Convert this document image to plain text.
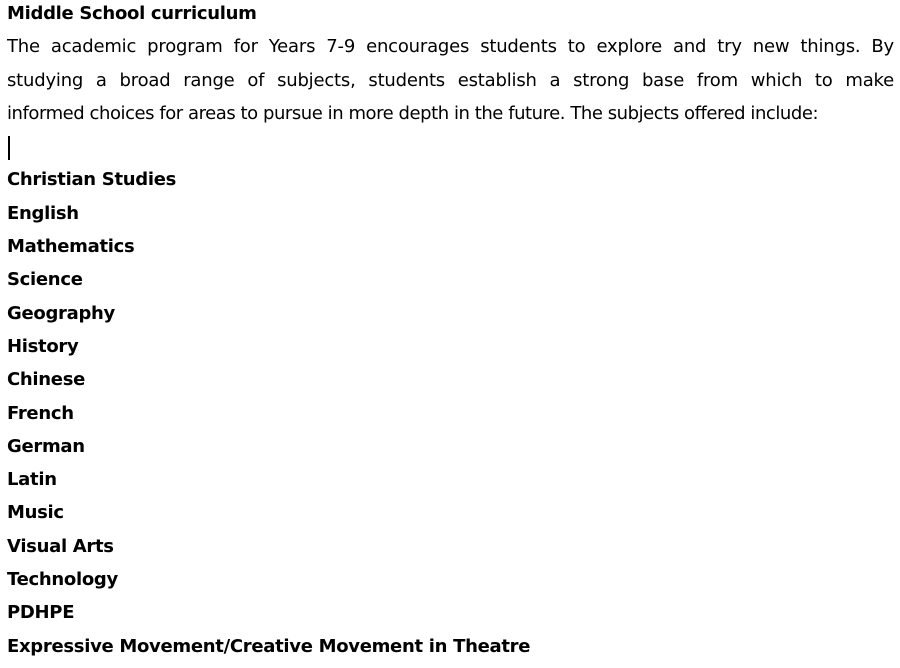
Middle School curriculum
The academic program for Years 7-9 encourages students to explore and try new things. By
studying a broad range of subjects, students establish a strong base from which to make
informed choices for areas to pursue in more depth in the future. The subjects offered include:
Christian Studies
English
Mathematics
Science
Geography
History
Chinese
French
German
Latin
Music
Visual Arts
Technology
PDHPE
Expressive Movement/Creative Movement in Theatre
